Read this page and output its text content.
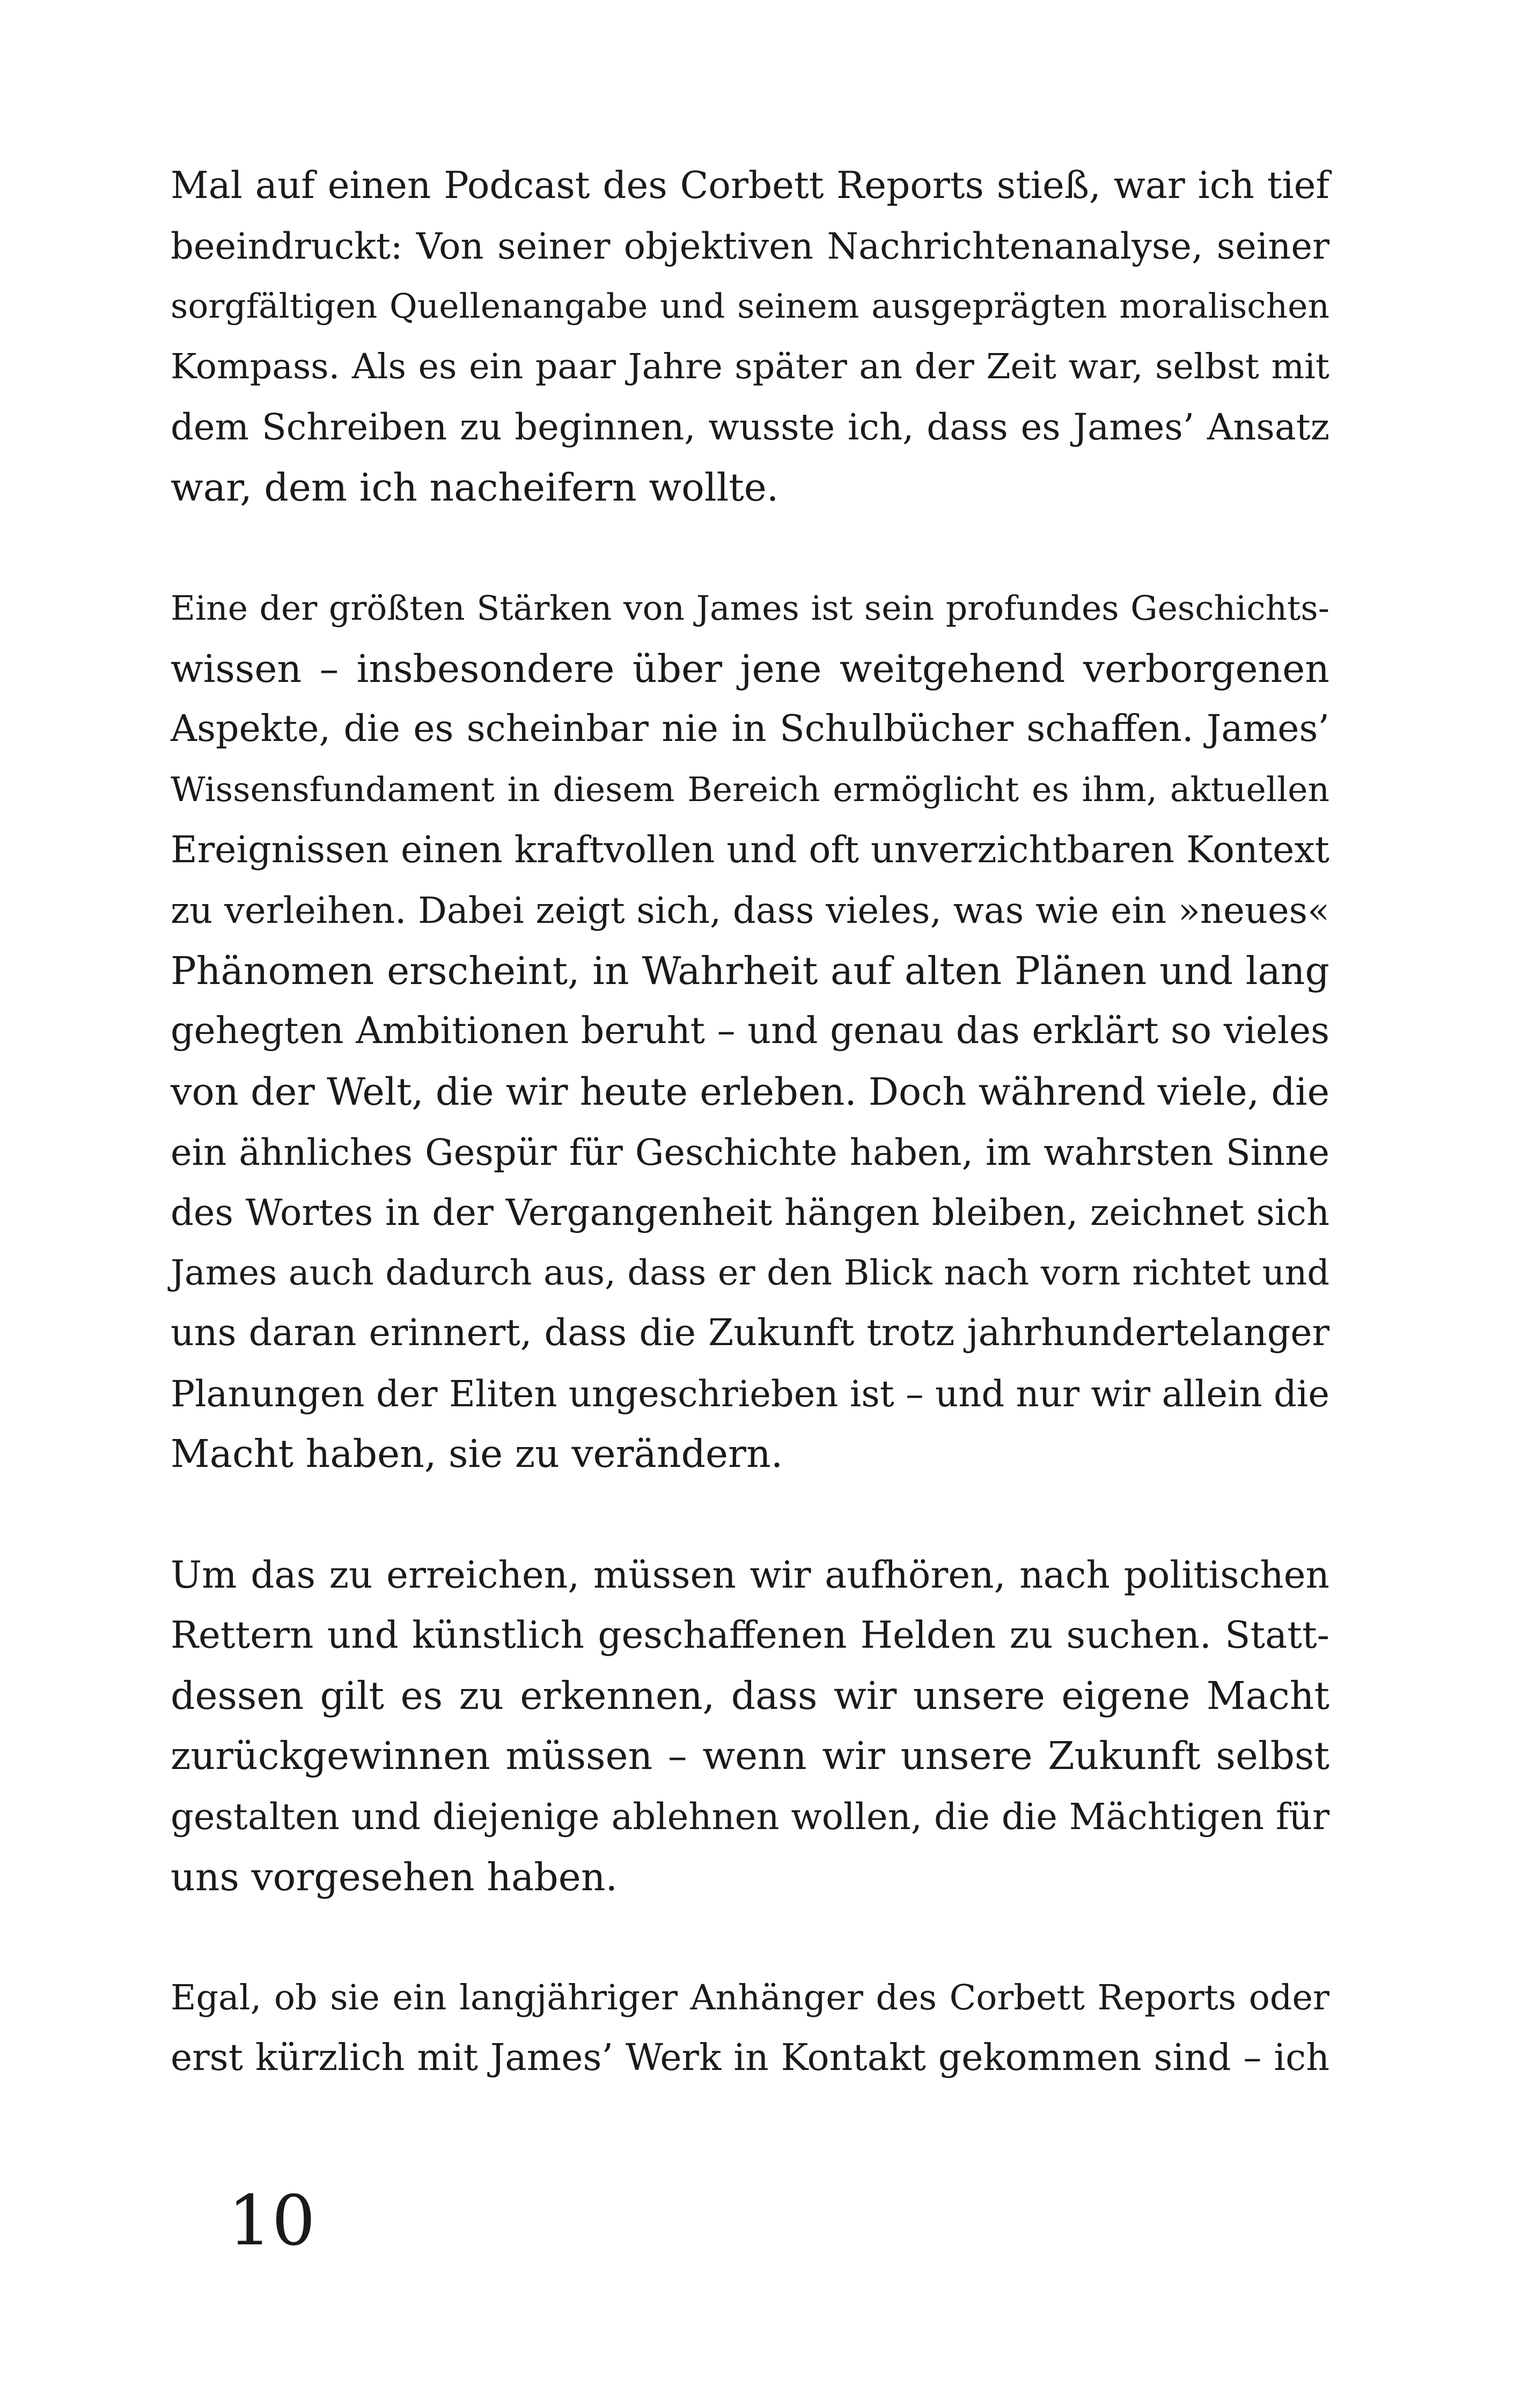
Mal auf einen Podcast des Corbett Reports stieß, war ich tief
beeindruckt: Von seiner objektiven Nachrichtenanalyse, seiner
sorgfältigen Quellenangabe und seinem ausgeprägten moralischen
Kompass. Als es ein paar Jahre später an der Zeit war, selbst mit
dem Schreiben zu beginnen, wusste ich, dass es James’ Ansatz
war, dem ich nacheifern wollte.
Eine der größten Stärken von James ist sein profundes Geschichts-
wissen – insbesondere über jene weitgehend verborgenen
Aspekte, die es scheinbar nie in Schulbücher schaffen. James’
Wissensfundament in diesem Bereich ermöglicht es ihm, aktuellen
Ereignissen einen kraftvollen und oft unverzichtbaren Kontext
zu verleihen. Dabei zeigt sich, dass vieles, was wie ein »neues«
Phänomen erscheint, in Wahrheit auf alten Plänen und lang
gehegten Ambitionen beruht – und genau das erklärt so vieles
von der Welt, die wir heute erleben. Doch während viele, die
ein ähnliches Gespür für Geschichte haben, im wahrsten Sinne
des Wortes in der Vergangenheit hängen bleiben, zeichnet sich
James auch dadurch aus, dass er den Blick nach vorn richtet und
uns daran erinnert, dass die Zukunft trotz jahrhundertelanger
Planungen der Eliten ungeschrieben ist – und nur wir allein die
Macht haben, sie zu verändern.
Um das zu erreichen, müssen wir aufhören, nach politischen
Rettern und künstlich geschaffenen Helden zu suchen. Statt-
dessen gilt es zu erkennen, dass wir unsere eigene Macht
zurückgewinnen müssen – wenn wir unsere Zukunft selbst
gestalten und diejenige ablehnen wollen, die die Mächtigen für
uns vorgesehen haben.
Egal, ob sie ein langjähriger Anhänger des Corbett Reports oder
erst kürzlich mit James’ Werk in Kontakt gekommen sind – ich
10
